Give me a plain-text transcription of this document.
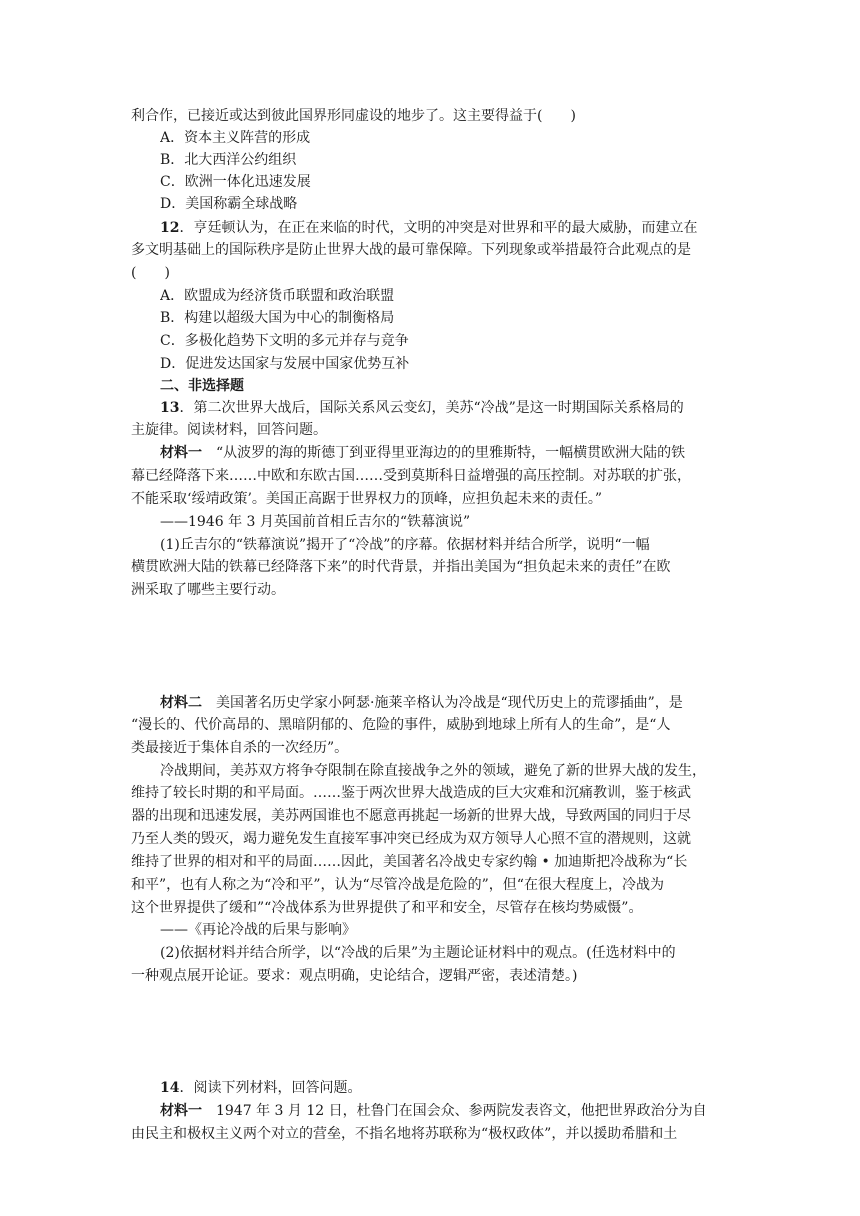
利合作，已接近或达到彼此国界形同虚设的地步了。这主要得益于(　　)
A．资本主义阵营的形成
B．北大西洋公约组织
C．欧洲一体化迅速发展
D．美国称霸全球战略
12．亨廷顿认为，在正在来临的时代，文明的冲突是对世界和平的最大威胁，而建立在
多文明基础上的国际秩序是防止世界大战的最可靠保障。下列现象或举措最符合此观点的是
(　　)
A．欧盟成为经济货币联盟和政治联盟
B．构建以超级大国为中心的制衡格局
C．多极化趋势下文明的多元并存与竞争
D．促进发达国家与发展中国家优势互补
二、非选择题
13．第二次世界大战后，国际关系风云变幻，美苏“冷战”是这一时期国际关系格局的
主旋律。阅读材料，回答问题。
材料一　“从波罗的海的斯德丁到亚得里亚海边的的里雅斯特，一幅横贯欧洲大陆的铁
幕已经降落下来……中欧和东欧古国……受到莫斯科日益增强的高压控制。对苏联的扩张，
不能采取‘绥靖政策’。美国正高踞于世界权力的顶峰，应担负起未来的责任。”
——1946 年 3 月英国前首相丘吉尔的“铁幕演说”
(1)丘吉尔的“铁幕演说”揭开了“冷战”的序幕。依据材料并结合所学，说明“一幅
横贯欧洲大陆的铁幕已经降落下来”的时代背景，并指出美国为“担负起未来的责任”在欧
洲采取了哪些主要行动。
材料二　美国著名历史学家小阿瑟·施莱辛格认为冷战是“现代历史上的荒谬插曲”，是
“漫长的、代价高昂的、黑暗阴郁的、危险的事件，威胁到地球上所有人的生命”，是“人
类最接近于集体自杀的一次经历”。
冷战期间，美苏双方将争夺限制在除直接战争之外的领域，避免了新的世界大战的发生，
维持了较长时期的和平局面。……鉴于两次世界大战造成的巨大灾难和沉痛教训，鉴于核武
器的出现和迅速发展，美苏两国谁也不愿意再挑起一场新的世界大战，导致两国的同归于尽
乃至人类的毁灭，竭力避免发生直接军事冲突已经成为双方领导人心照不宣的潜规则，这就
维持了世界的相对和平的局面……因此，美国著名冷战史专家约翰 • 加迪斯把冷战称为“长
和平”，也有人称之为“冷和平”，认为“尽管冷战是危险的”，但“在很大程度上，冷战为
这个世界提供了缓和”“冷战体系为世界提供了和平和安全，尽管存在核均势威慑”。
——《再论冷战的后果与影响》
(2)依据材料并结合所学，以“冷战的后果”为主题论证材料中的观点。(任选材料中的
一种观点展开论证。要求：观点明确，史论结合，逻辑严密，表述清楚。)
14．阅读下列材料，回答问题。
材料一　1947 年 3 月 12 日，杜鲁门在国会众、参两院发表咨文，他把世界政治分为自
由民主和极权主义两个对立的营垒，不指名地将苏联称为“极权政体”，并以援助希腊和土
